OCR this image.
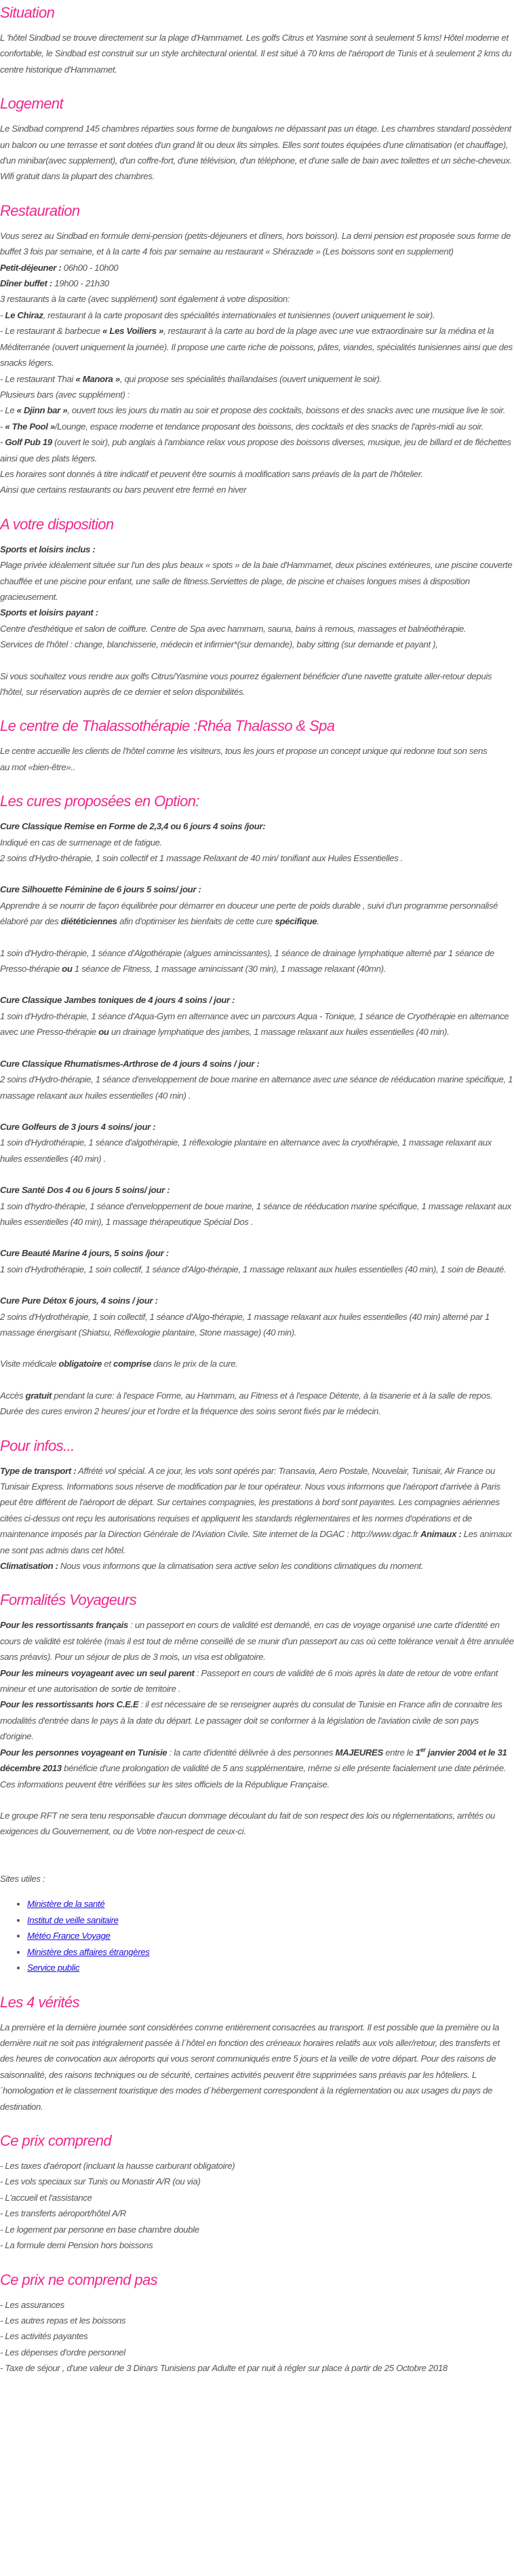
Situation

L 'hôtel Sindbad se trouve directement sur la plage d'Hammamet. Les golfs Citrus et Yasmine sont à seulement 5 kms! Hôtel moderne et confortable, le Sindbad est construit sur un style architectural oriental. Il est situé à 70 kms de l'aéroport de Tunis et à seulement 2 kms du centre historique d'Hammamet.

Logement

Le Sindbad comprend 145 chambres réparties sous forme de bungalows ne dépassant pas un étage. Les chambres standard possèdent un balcon ou une terrasse et sont dotées d'un grand lit ou deux lits simples. Elles sont toutes équipées d'une climatisation (et chauffage), d'un minibar(avec supplement), d'un coffre-fort, d'une télévision, d'un téléphone, et d'une salle de bain avec toilettes et un sèche-cheveux. Wifi gratuit dans la plupart des chambres.

Restauration

Vous serez au Sindbad en formule demi-pension (petits-déjeuners et dîners, hors boisson). La demi pension est proposée sous forme de buffet 3 fois par semaine, et à la carte 4 fois par semaine au restaurant « Shérazade » (Les boissons sont en supplement)

Petit-déjeuner : 06h00 - 10h00

Dîner buffet : 19h00 - 21h30

3 restaurants à la carte (avec supplément) sont également à votre disposition:

- Le Chiraz, restaurant à la carte proposant des spécialités internationales et tunisiennes (ouvert uniquement le soir).

- Le restaurant & barbecue « Les Voiliers », restaurant à la carte au bord de la plage avec une vue extraordinaire sur la médina et la Méditerranée (ouvert uniquement la journée). Il propose une carte riche de poissons, pâtes, viandes, spécialités tunisiennes ainsi que des snacks légers.

- Le restaurant Thai « Manora », qui propose ses spécialités thaïlandaises (ouvert uniquement le soir).

Plusieurs bars (avec supplément) :

- Le « Djinn bar », ouvert tous les jours du matin au soir et propose des cocktails, boissons et des snacks avec une musique live le soir.

- « The Pool »/Lounge, espace moderne et tendance proposant des boissons, des cocktails et des snacks de l'après-midi au soir.

- Golf Pub 19 (ouvert le soir), pub anglais à l'ambiance relax vous propose des boissons diverses, musique, jeu de billard et de fléchettes ainsi que des plats légers.

Les horaires sont donnés à titre indicatif et peuvent être soumis à modification sans préavis de la part de l'hôtelier.

Ainsi que certains restaurants ou bars peuvent etre fermé en hiver

A votre disposition

Sports et loisirs inclus :

Plage privée idéalement située sur l'un des plus beaux « spots » de la baie d'Hammamet, deux piscines extérieures, une piscine couverte chauffée et une piscine pour enfant, une salle de fitness.Serviettes de plage, de piscine et chaises longues mises à disposition gracieusement.

Sports et loisirs payant :

Centre d'esthétique et salon de coiffure. Centre de Spa avec hammam, sauna, bains à remous, massages et balnéothérapie.

Services de l'hôtel : change, blanchisserie, médecin et infirmier*(sur demande), baby sitting (sur demande et payant ),

Si vous souhaitez vous rendre aux golfs Citrus/Yasmine vous pourrez également bénéficier d'une navette gratuite aller-retour depuis l'hôtel, sur réservation auprès de ce dernier et selon disponibilités.

Le centre de Thalassothérapie :Rhéa Thalasso & Spa

Le centre accueille les clients de l'hôtel comme les visiteurs, tous les jours et propose un concept unique qui redonne tout son sens

au mot «bien-être»..

Les cures proposées en Option:

Cure Classique Remise en Forme de 2,3,4 ou 6 jours 4 soins /jour:

Indiqué en cas de surmenage et de fatigue.

2 soins d'Hydro-thérapie, 1 soin collectif et 1 massage Relaxant de 40 min/ tonifiant aux Huiles Essentielles .

Cure Silhouette Féminine de 6 jours 5 soins/ jour :

Apprendre à se nourrir de façon équilibrée pour démarrer en douceur une perte de poids durable , suivi d'un programme personnalisé élaboré par des diététiciennes afin d'optimiser les bienfaits de cette cure spécifique.

1 soin d'Hydro-thérapie, 1 séance d'Algothérapie (algues amincissantes), 1 séance de drainage lymphatique alterné par 1 séance de Presso-thérapie ou 1 séance de Fitness, 1 massage amincissant (30 min), 1 massage relaxant (40mn).

Cure Classique Jambes toniques de 4 jours 4 soins / jour :

1 soin d'Hydro-thérapie, 1 séance d'Aqua-Gym en alternance avec un parcours Aqua - Tonique, 1 séance de Cryothérapie en alternance avec une Presso-thérapie ou un drainage lymphatique des jambes, 1 massage relaxant aux huiles essentielles (40 min).

Cure Classique Rhumatismes-Arthrose de 4 jours 4 soins / jour :

2 soins d'Hydro-thérapie, 1 séance d'enveloppement de boue marine en alternance avec une séance de rééducation marine spécifique, 1 massage relaxant aux huiles essentielles (40 min) .

Cure Golfeurs de 3 jours 4 soins/ jour :

1 soin d'Hydrothérapie, 1 séance d'algothérapie, 1 réflexologie plantaire en alternance avec la cryothérapie, 1 massage relaxant aux huiles essentielles (40 min) .

Cure Santé Dos 4 ou 6 jours 5 soins/ jour :

1 soin d'hydro-thérapie, 1 séance d'enveloppement de boue marine, 1 séance de rééducation marine spécifique, 1 massage relaxant aux huiles essentielles (40 min), 1 massage thérapeutique Spécial Dos .

Cure Beauté Marine 4 jours, 5 soins /jour :

1 soin d'Hydrothérapie, 1 soin collectif, 1 séance d'Algo-thérapie, 1 massage relaxant aux huiles essentielles (40 min), 1 soin de Beauté.

Cure Pure Détox 6 jours, 4 soins / jour :

2 soins d'Hydrothérapie, 1 soin collectif, 1 séance d'Algo-thérapie, 1 massage relaxant aux huiles essentielles (40 min) alterné par 1 massage énergisant (Shiatsu, Réflexologie plantaire, Stone massage) (40 min).

Visite médicale obligatoire et comprise dans le prix de la cure.

Accès gratuit pendant la cure: à l'espace Forme, au Hammam, au Fitness et à l'espace Détente, à la tisanerie et à la salle de repos. Durée des cures environ 2 heures/ jour et l'ordre et la fréquence des soins seront fixés par le médecin.

Pour infos...

Type de transport : Affrété vol spécial. A ce jour, les vols sont opérés par: Transavia, Aero Postale, Nouvelair, Tunisair, Air France ou Tunisair Express. Informations sous réserve de modification par le tour opérateur. Nous vous informons que l'aéroport d'arrivée à Paris peut être différent de l'aéroport de départ. Sur certaines compagnies, les prestations à bord sont payantes. Les compagnies aériennes citées ci-dessus ont reçu les autorisations requises et appliquent les standards réglementaires et les normes d'opérations et de maintenance imposés par la Direction Générale de l'Aviation Civile. Site internet de la DGAC : http://www.dgac.fr Animaux : Les animaux ne sont pas admis dans cet hôtel.
Climatisation : Nous vous informons que la climatisation sera active selon les conditions climatiques du moment.

Formalités Voyageurs

Pour les ressortissants français : un passeport en cours de validité est demandé, en cas de voyage organisé une carte d'identité en cours de validité est tolérée (mais il est tout de même conseillé de se munir d'un passeport au cas où cette tolérance venait à être annulée sans préavis). Pour un séjour de plus de 3 mois, un visa est obligatoire.

Pour les mineurs voyageant avec un seul parent : Passeport en cours de validité de 6 mois après la date de retour de votre enfant mineur et une autorisation de sortie de territoire .

Pour les ressortissants hors C.E.E : il est nécessaire de se renseigner auprès du consulat de Tunisie en France afin de connaitre les modalités d'entrée dans le pays à la date du départ. Le passager doit se conformer à la législation de l'aviation civile de son pays d'origine.

Pour les personnes voyageant en Tunisie : la carte d'identité délivrée à des personnes MAJEURES entre le 1er janvier 2004 et le 31 décembre 2013 bénéficie d'une prolongation de validité de 5 ans supplémentaire, même si elle présente facialement une date périmée. Ces informations peuvent être vérifiées sur les sites officiels de la République Française.

Le groupe RFT ne sera tenu responsable d'aucun dommage découlant du fait de son respect des lois ou réglementations, arrêtés ou exigences du Gouvernement, ou de Votre non-respect de ceux-ci.

Sites utiles :

• Ministère de la santé
• Institut de veille sanitaire
• Météo France Voyage
• Ministère des affaires étrangères
• Service public
Les 4 vérités

La première et la dernière journée sont considérées comme entièrement consacrées au transport. Il est possible que la première ou la dernière nuit ne soit pas intégralement passée à l´hôtel en fonction des créneaux horaires relatifs aux vols aller/retour, des transferts et des heures de convocation aux aéroports qui vous seront communiqués entre 5 jours et la veille de votre départ. Pour des raisons de saisonnalité, des raisons techniques ou de sécurité, certaines activités peuvent être supprimées sans préavis par les hôteliers. L´homologation et le classement touristique des modes d´hébergement correspondent à la réglementation ou aux usages du pays de destination.

Ce prix comprend

- Les taxes d'aéroport (incluant la hausse carburant obligatoire)

- Les vols speciaux sur Tunis ou Monastir A/R (ou via)

- L'accueil et l'assistance

- Les transferts aéroport/hôtel A/R

- Le logement par personne en base chambre double

- La formule demi Pension hors boissons

Ce prix ne comprend pas

- Les assurances

- Les autres repas et les boissons

- Les activités payantes

- Les dépenses d'ordre personnel

- Taxe de séjour , d'une valeur de 3 Dinars Tunisiens par Adulte et par nuit à régler sur place à partir de 25 Octobre 2018
